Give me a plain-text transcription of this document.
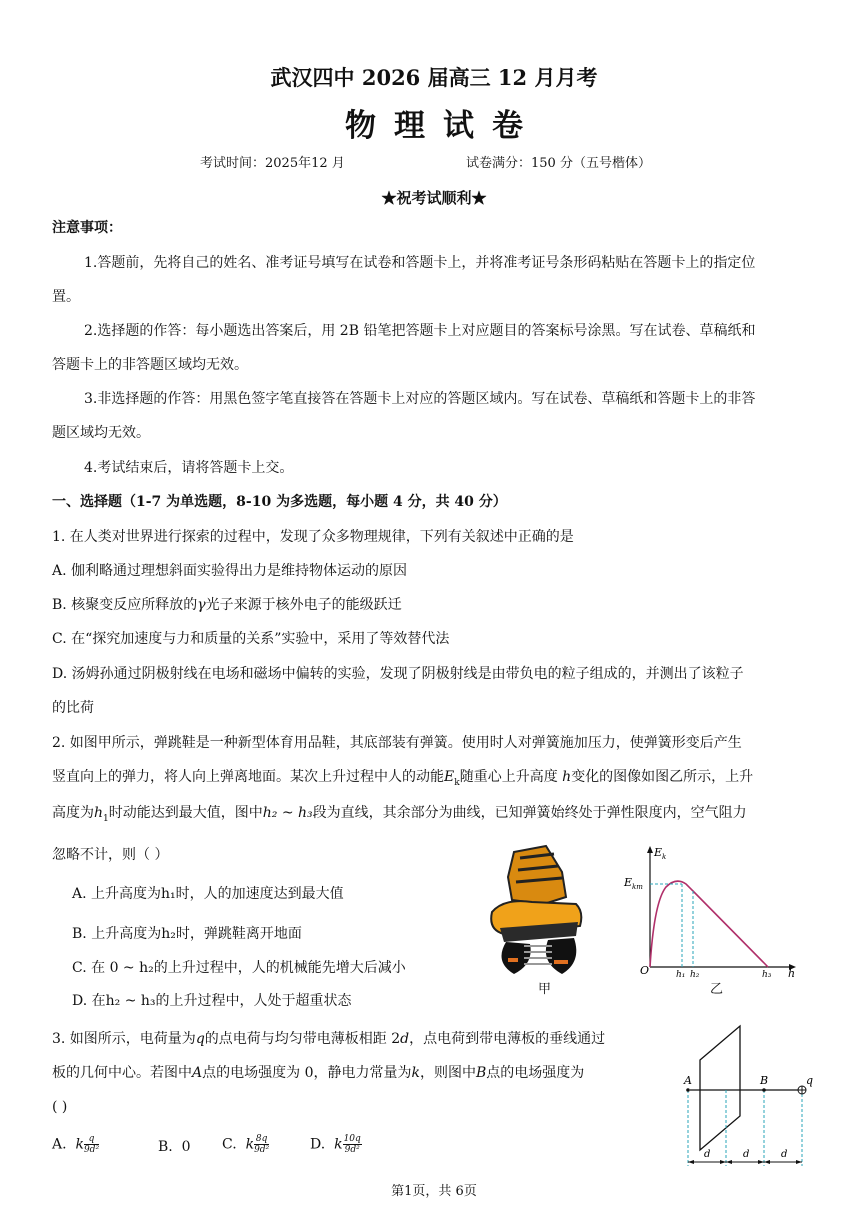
武汉四中 2026 届高三 12 月月考
物理试卷
考试时间：2025年12 月	试卷满分：150 分（五号楷体）
★祝考试顺利★
注意事项：
1.答题前，先将自己的姓名、准考证号填写在试卷和答题卡上，并将准考证号条形码粘贴在答题卡上的指定位
置。
2.选择题的作答：每小题选出答案后，用 2B 铅笔把答题卡上对应题目的答案标号涂黑。写在试卷、草稿纸和
答题卡上的非答题区域均无效。
3.非选择题的作答：用黑色签字笔直接答在答题卡上对应的答题区域内。写在试卷、草稿纸和答题卡上的非答
题区域均无效。
4.考试结束后，请将答题卡上交。
一、选择题（1-7 为单选题，8-10 为多选题，每小题 4 分，共 40 分）
1. 在人类对世界进行探索的过程中，发现了众多物理规律，下列有关叙述中正确的是
A. 伽利略通过理想斜面实验得出力是维持物体运动的原因
B. 核聚变反应所释放的γ光子来源于核外电子的能级跃迁
C. 在“探究加速度与力和质量的关系”实验中，采用了等效替代法
D. 汤姆孙通过阴极射线在电场和磁场中偏转的实验，发现了阴极射线是由带负电的粒子组成的，并测出了该粒子
的比荷
2. 如图甲所示，弹跳鞋是一种新型体育用品鞋，其底部装有弹簧。使用时人对弹簧施加压力，使弹簧形变后产生
竖直向上的弹力，将人向上弹离地面。某次上升过程中人的动能$E_k$随重心上升高度 h变化的图像如图乙所示，上升
高度为$h_1$时动能达到最大值，图中h₂ ~ h₃段为直线，其余部分为曲线，已知弹簧始终处于弹性限度内，空气阻力
忽略不计，则（ ）
A. 上升高度为h₁时，人的加速度达到最大值
B. 上升高度为h₂时，弹跳鞋离开地面
C. 在 0 ~ h₂的上升过程中，人的机械能先增大后减小
D. 在h₂ ~ h₃的上升过程中，人处于超重状态
甲
$E_k$
$E_{km}$
O	h₁ h₂	h₃ h
乙
3. 如图所示，电荷量为q的点电荷与均匀带电薄板相距 2d，点电荷到带电薄板的垂线通过
板的几何中心。若图中A点的电场强度为 0，静电力常量为k，则图中B点的电场强度为
( )
A. k $\frac{q}{\text{9d²}}$	B. 0 C. k $\frac{8q}{\text{9d²}}$	D. k $\frac{10q}{\text{9d²}}$
A	B	q
d	d	d
第1页，共 6页
